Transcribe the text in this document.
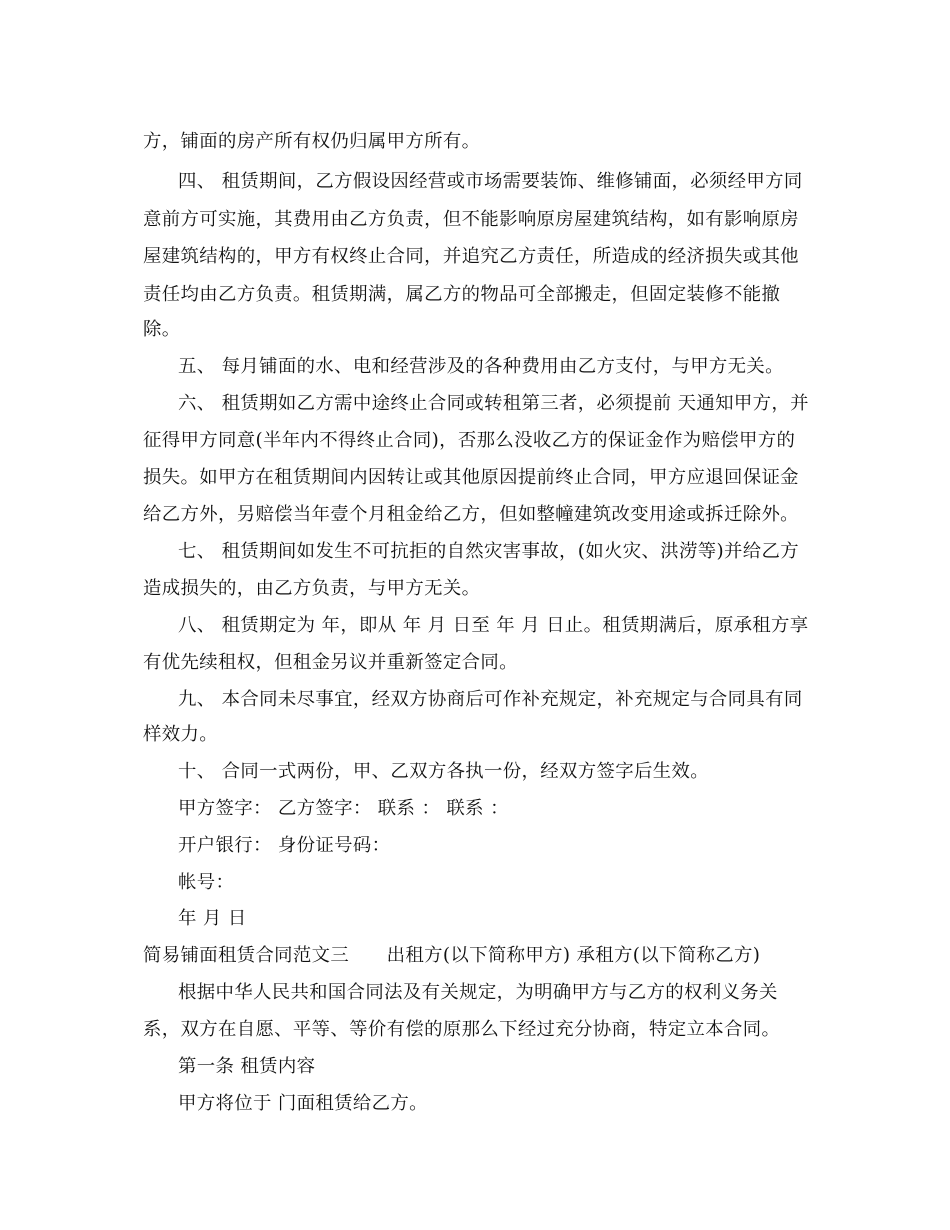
方，铺面的房产所有权仍归属甲方所有。
四、 租赁期间，乙方假设因经营或市场需要装饰、维修铺面，必须经甲方同
意前方可实施，其费用由乙方负责，但不能影响原房屋建筑结构，如有影响原房
屋建筑结构的，甲方有权终止合同，并追究乙方责任，所造成的经济损失或其他
责任均由乙方负责。租赁期满，属乙方的物品可全部搬走，但固定装修不能撤
除。
五、 每月铺面的水、电和经营涉及的各种费用由乙方支付，与甲方无关。
六、 租赁期如乙方需中途终止合同或转租第三者，必须提前 天通知甲方，并
征得甲方同意(半年内不得终止合同)，否那么没收乙方的保证金作为赔偿甲方的
损失。如甲方在租赁期间内因转让或其他原因提前终止合同，甲方应退回保证金
给乙方外，另赔偿当年壹个月租金给乙方，但如整幢建筑改变用途或拆迁除外。
七、 租赁期间如发生不可抗拒的自然灾害事故，(如火灾、洪涝等)并给乙方
造成损失的，由乙方负责，与甲方无关。
八、 租赁期定为 年，即从 年 月 日至 年 月 日止。租赁期满后，原承租方享
有优先续租权，但租金另议并重新签定合同。
九、 本合同未尽事宜，经双方协商后可作补充规定，补充规定与合同具有同
样效力。
十、 合同一式两份，甲、乙双方各执一份，经双方签字后生效。
甲方签字： 乙方签字： 联系 ： 联系 ：
开户银行： 身份证号码：
帐号：
年 月 日
简易铺面租赁合同范文三　　出租方(以下简称甲方) 承租方(以下简称乙方)
根据中华人民共和国合同法及有关规定，为明确甲方与乙方的权利义务关
系，双方在自愿、平等、等价有偿的原那么下经过充分协商，特定立本合同。
第一条 租赁内容
甲方将位于 门面租赁给乙方。
